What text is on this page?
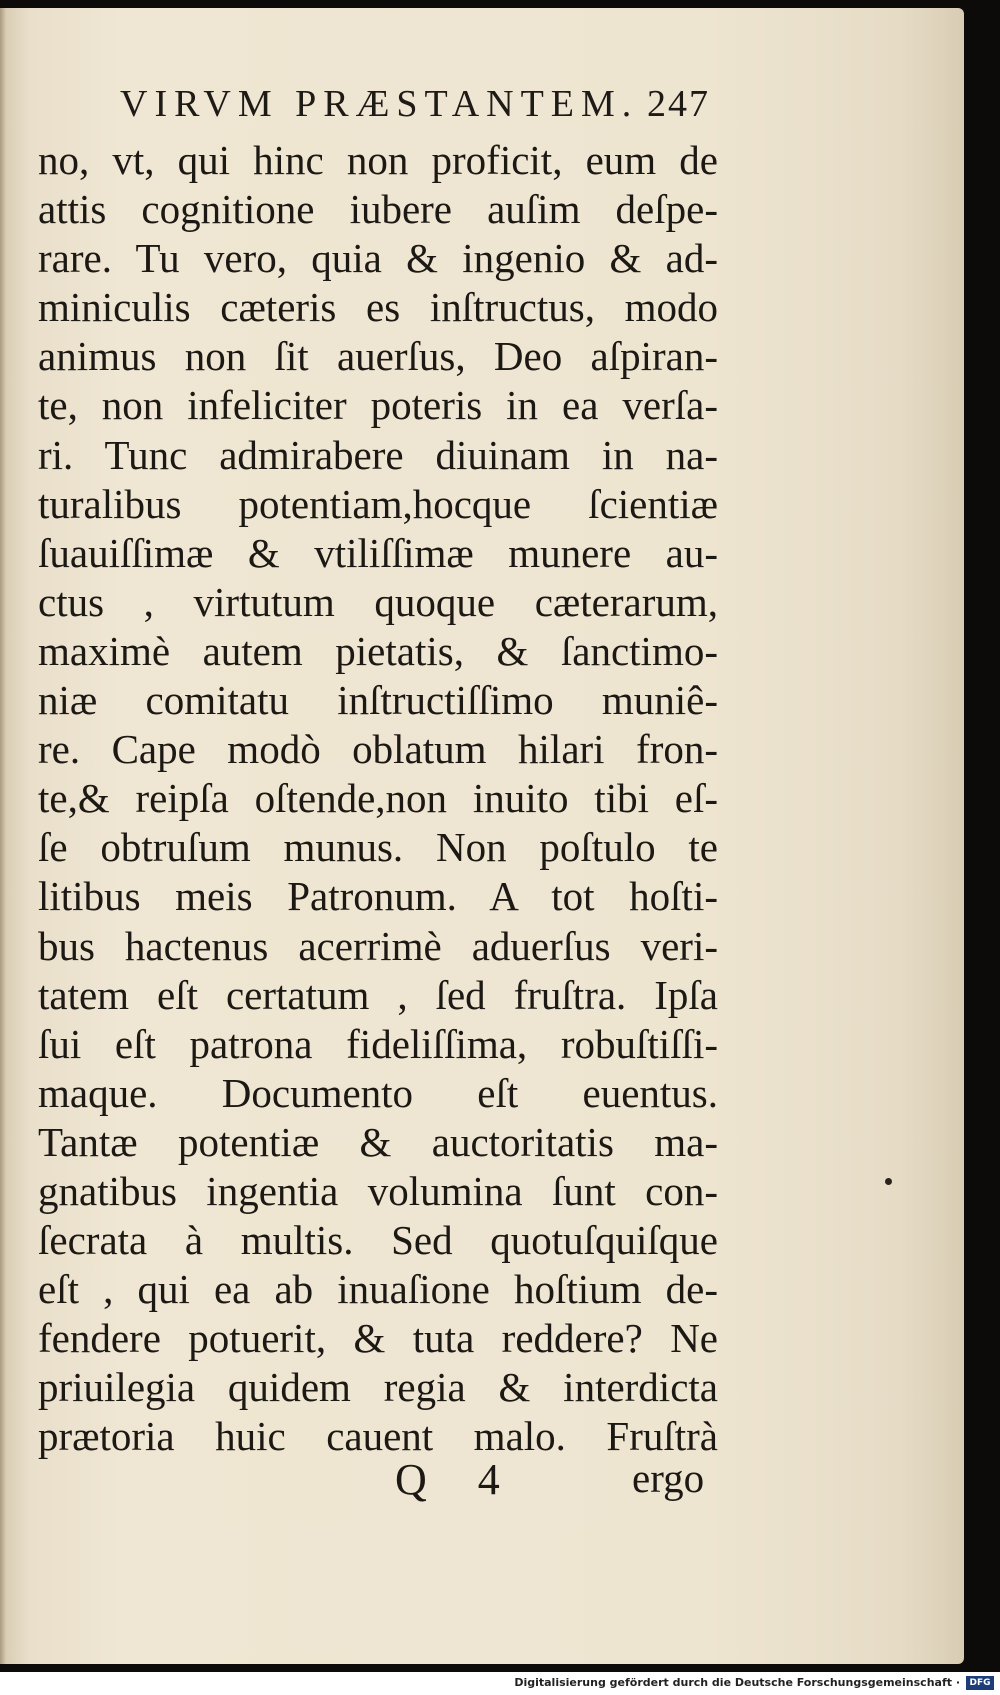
VIRVM PRÆSTANTEM. 247
no, vt, qui hinc non proficit, eum de
attis cognitione iubere auſim deſpe-
rare. Tu vero, quia & ingenio & ad-
miniculis cæteris es inſtructus, modo
animus non ſit auerſus, Deo aſpiran-
te, non infeliciter poteris in ea verſa-
ri. Tunc admirabere diuinam in na-
turalibus potentiam,hocque ſcientiæ
ſuauiſſimæ & vtiliſſimæ munere au-
ctus , virtutum quoque cæterarum,
maximè autem pietatis, & ſanctimo-
niæ comitatu inſtructiſſimo muniê-
re. Cape modò oblatum hilari fron-
te,& reipſa oſtende,non inuito tibi eſ-
ſe obtruſum munus. Non poſtulo te
litibus meis Patronum. A tot hoſti-
bus hactenus acerrimè aduerſus veri-
tatem eſt certatum , ſed fruſtra. Ipſa
ſui eſt patrona fideliſſima, robuſtiſſi-
maque. Documento eſt euentus.
Tantæ potentiæ & auctoritatis ma-
gnatibus ingentia volumina ſunt con-
ſecrata à multis. Sed quotuſquiſque
eſt , qui ea ab inuaſione hoſtium de-
fendere potuerit, & tuta reddere? Ne
priuilegia quidem regia & interdicta
prætoria huic cauent malo. Fruſtrà
Q 4	ergo
Digitalisierung gefördert durch die Deutsche Forschungsgemeinschaft ·	DFG
